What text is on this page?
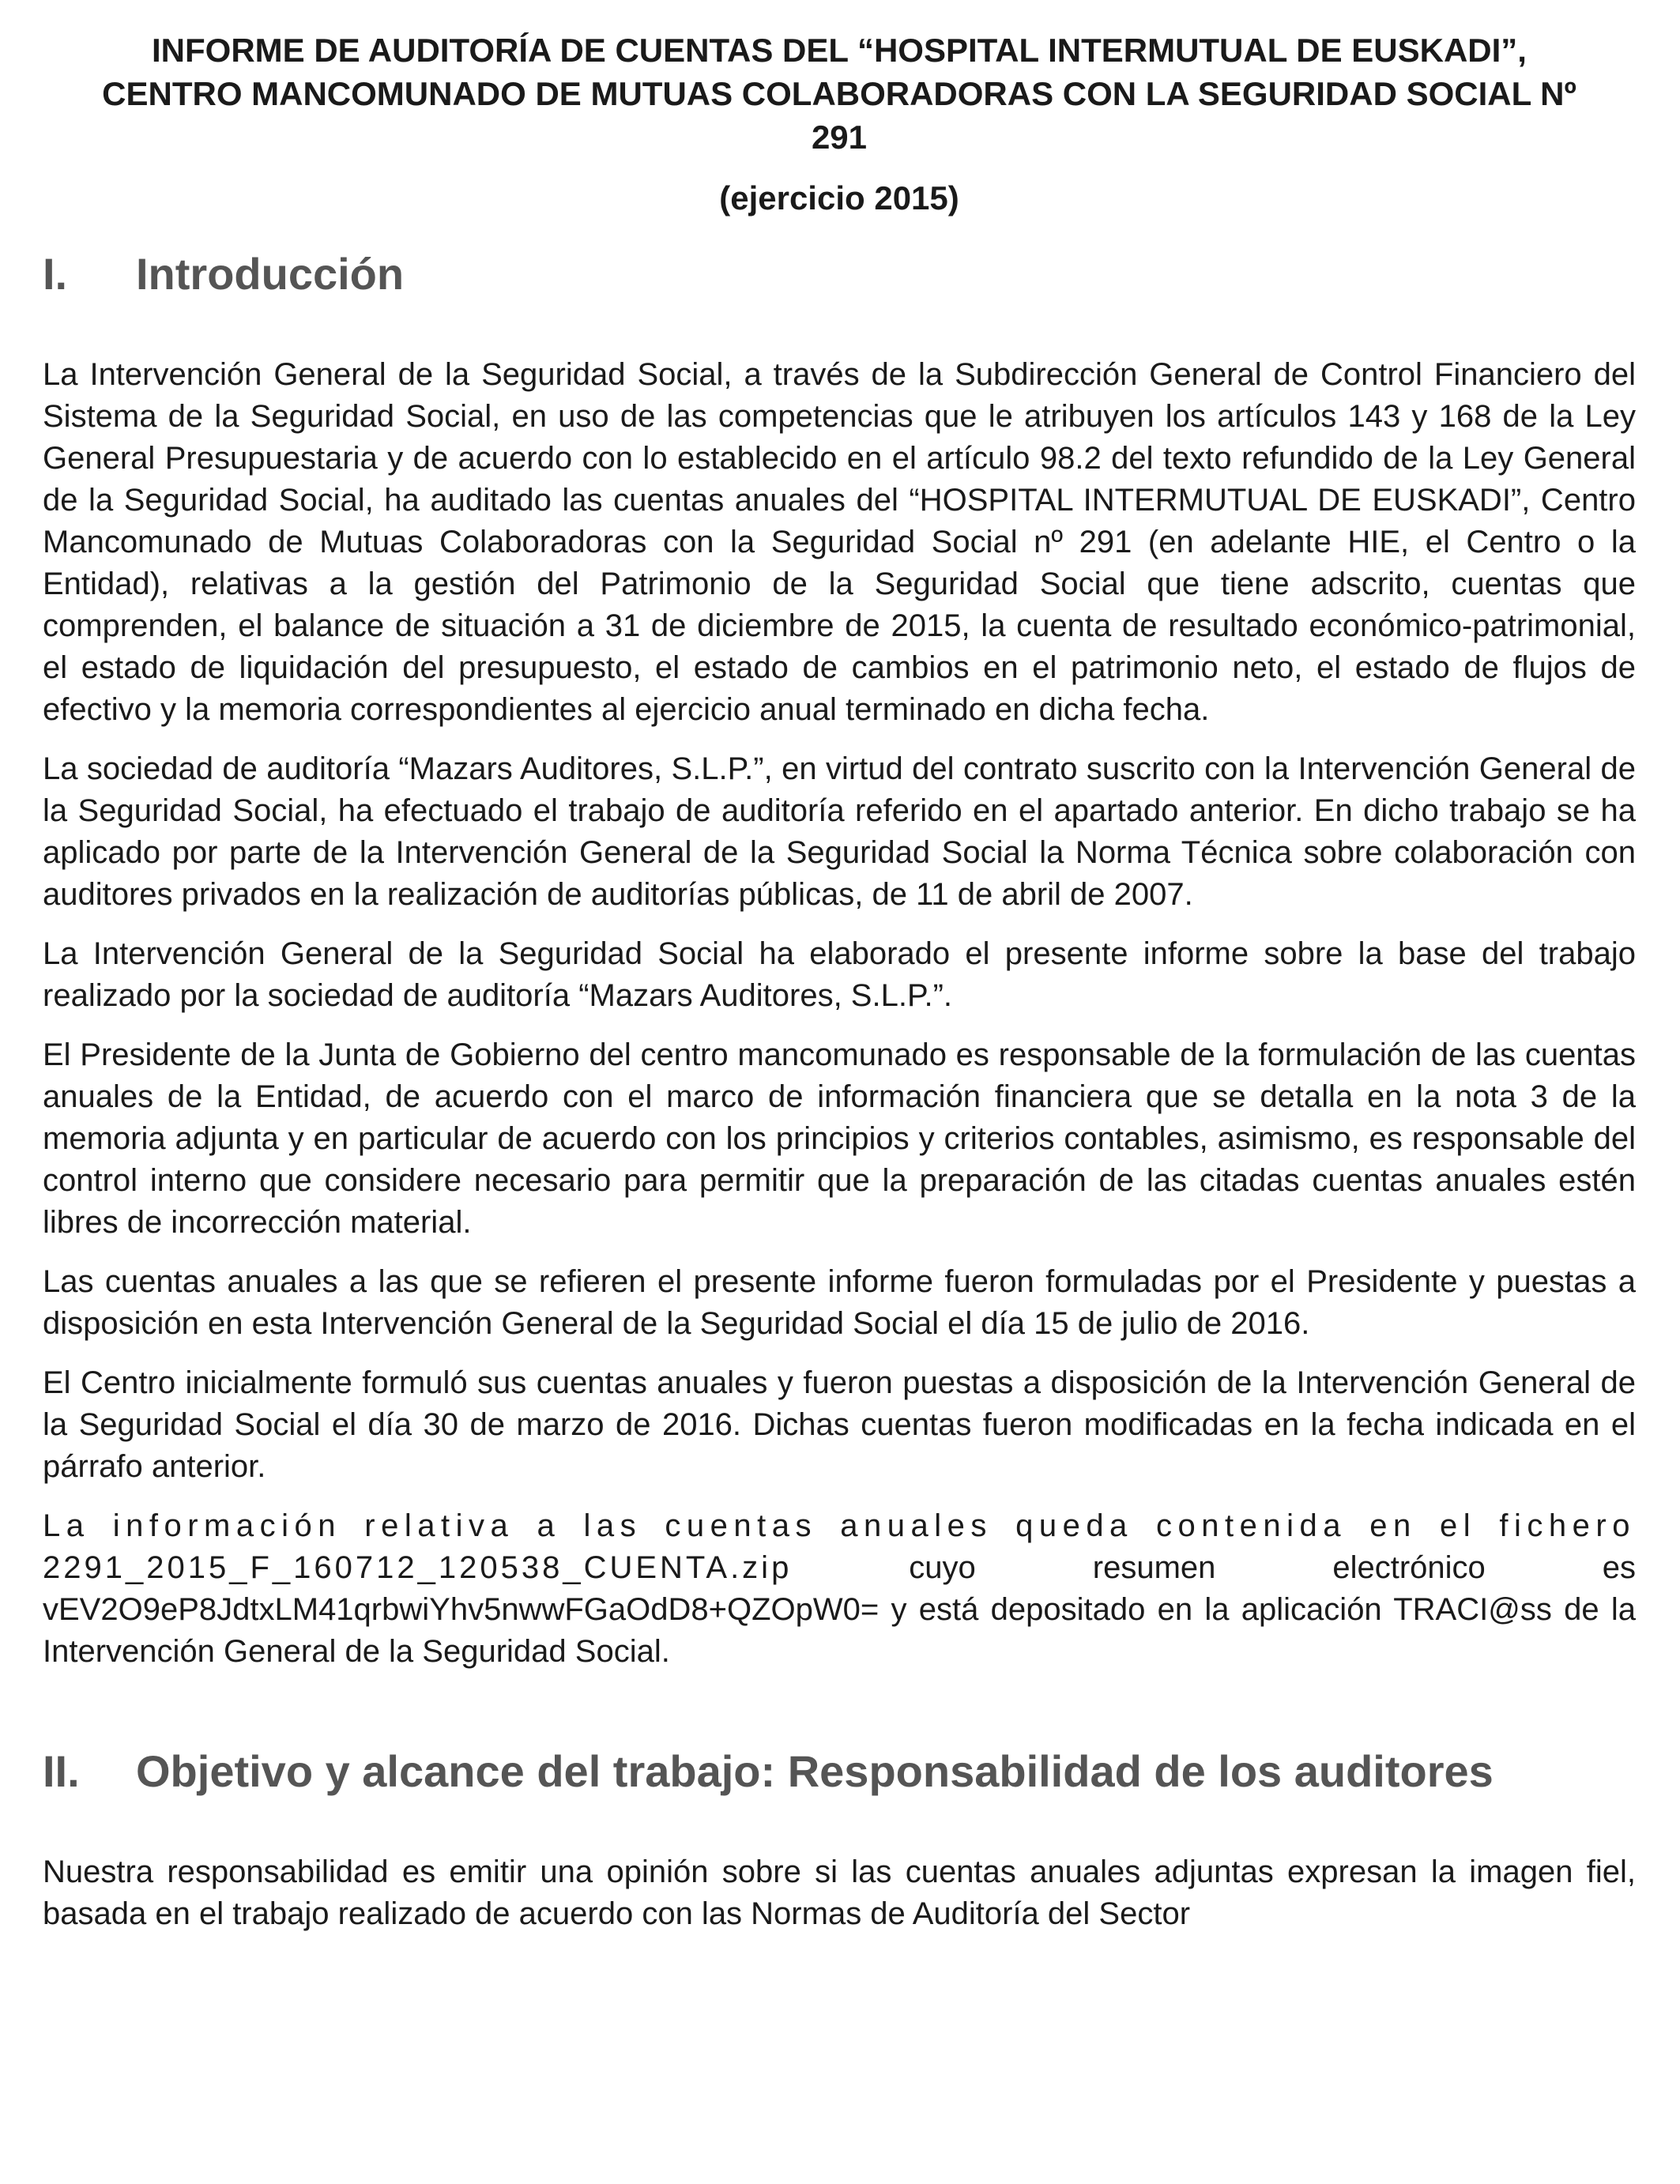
INFORME DE AUDITORÍA DE CUENTAS DEL “HOSPITAL INTERMUTUAL DE EUSKADI”, CENTRO MANCOMUNADO DE MUTUAS COLABORADORAS CON LA SEGURIDAD SOCIAL Nº 291

(ejercicio 2015)

I.	Introducción

La Intervención General de la Seguridad Social, a través de la Subdirección General de Control Financiero del Sistema de la Seguridad Social, en uso de las competencias que le atribuyen los artículos 143 y 168 de la Ley General Presupuestaria y de acuerdo con lo establecido en el artículo 98.2 del texto refundido de la Ley General de la Seguridad Social, ha auditado las cuentas anuales del “HOSPITAL INTERMUTUAL DE EUSKADI”, Centro Mancomunado de Mutuas Colaboradoras con la Seguridad Social nº 291 (en adelante HIE, el Centro o la Entidad), relativas a la gestión del Patrimonio de la Seguridad Social que tiene adscrito, cuentas que comprenden, el balance de situación a 31 de diciembre de 2015, la cuenta de resultado económico-patrimonial, el estado de liquidación del presupuesto, el estado de cambios en el patrimonio neto, el estado de flujos de efectivo y la memoria correspondientes al ejercicio anual terminado en dicha fecha.

La sociedad de auditoría “Mazars Auditores, S.L.P.”, en virtud del contrato suscrito con la Intervención General de la Seguridad Social, ha efectuado el trabajo de auditoría referido en el apartado anterior. En dicho trabajo se ha aplicado por parte de la Intervención General de la Seguridad Social la Norma Técnica sobre colaboración con auditores privados en la realización de auditorías públicas, de 11 de abril de 2007.

La Intervención General de la Seguridad Social ha elaborado el presente informe sobre la base del trabajo realizado por la sociedad de auditoría “Mazars Auditores, S.L.P.”.

El Presidente de la Junta de Gobierno del centro mancomunado es responsable de la formulación de las cuentas anuales de la Entidad, de acuerdo con el marco de información financiera que se detalla en la nota 3 de la memoria adjunta y en particular de acuerdo con los principios y criterios contables, asimismo, es responsable del control interno que considere necesario para permitir que la preparación de las citadas cuentas anuales estén libres de incorrección material.

Las cuentas anuales a las que se refieren el presente informe fueron formuladas por el Presidente y puestas a disposición en esta Intervención General de la Seguridad Social el día 15 de julio de 2016.

El Centro inicialmente formuló sus cuentas anuales y fueron puestas a disposición de la Intervención General de la Seguridad Social el día 30 de marzo de 2016. Dichas cuentas fueron modificadas en la fecha indicada en el párrafo anterior.

La información relativa a las cuentas anuales queda contenida en el fichero 2291_2015_F_160712_120538_CUENTA.zip	cuyo resumen electrónico es vEV2O9eP8JdtxLM41qrbwiYhv5nwwFGaOdD8+QZOpW0= y está depositado en la aplicación TRACI@ss de la Intervención General de la Seguridad Social.

II.	Objetivo y alcance del trabajo: Responsabilidad de los auditores

Nuestra responsabilidad es emitir una opinión sobre si las cuentas anuales adjuntas expresan la imagen fiel, basada en el trabajo realizado de acuerdo con las Normas de Auditoría del Sector
